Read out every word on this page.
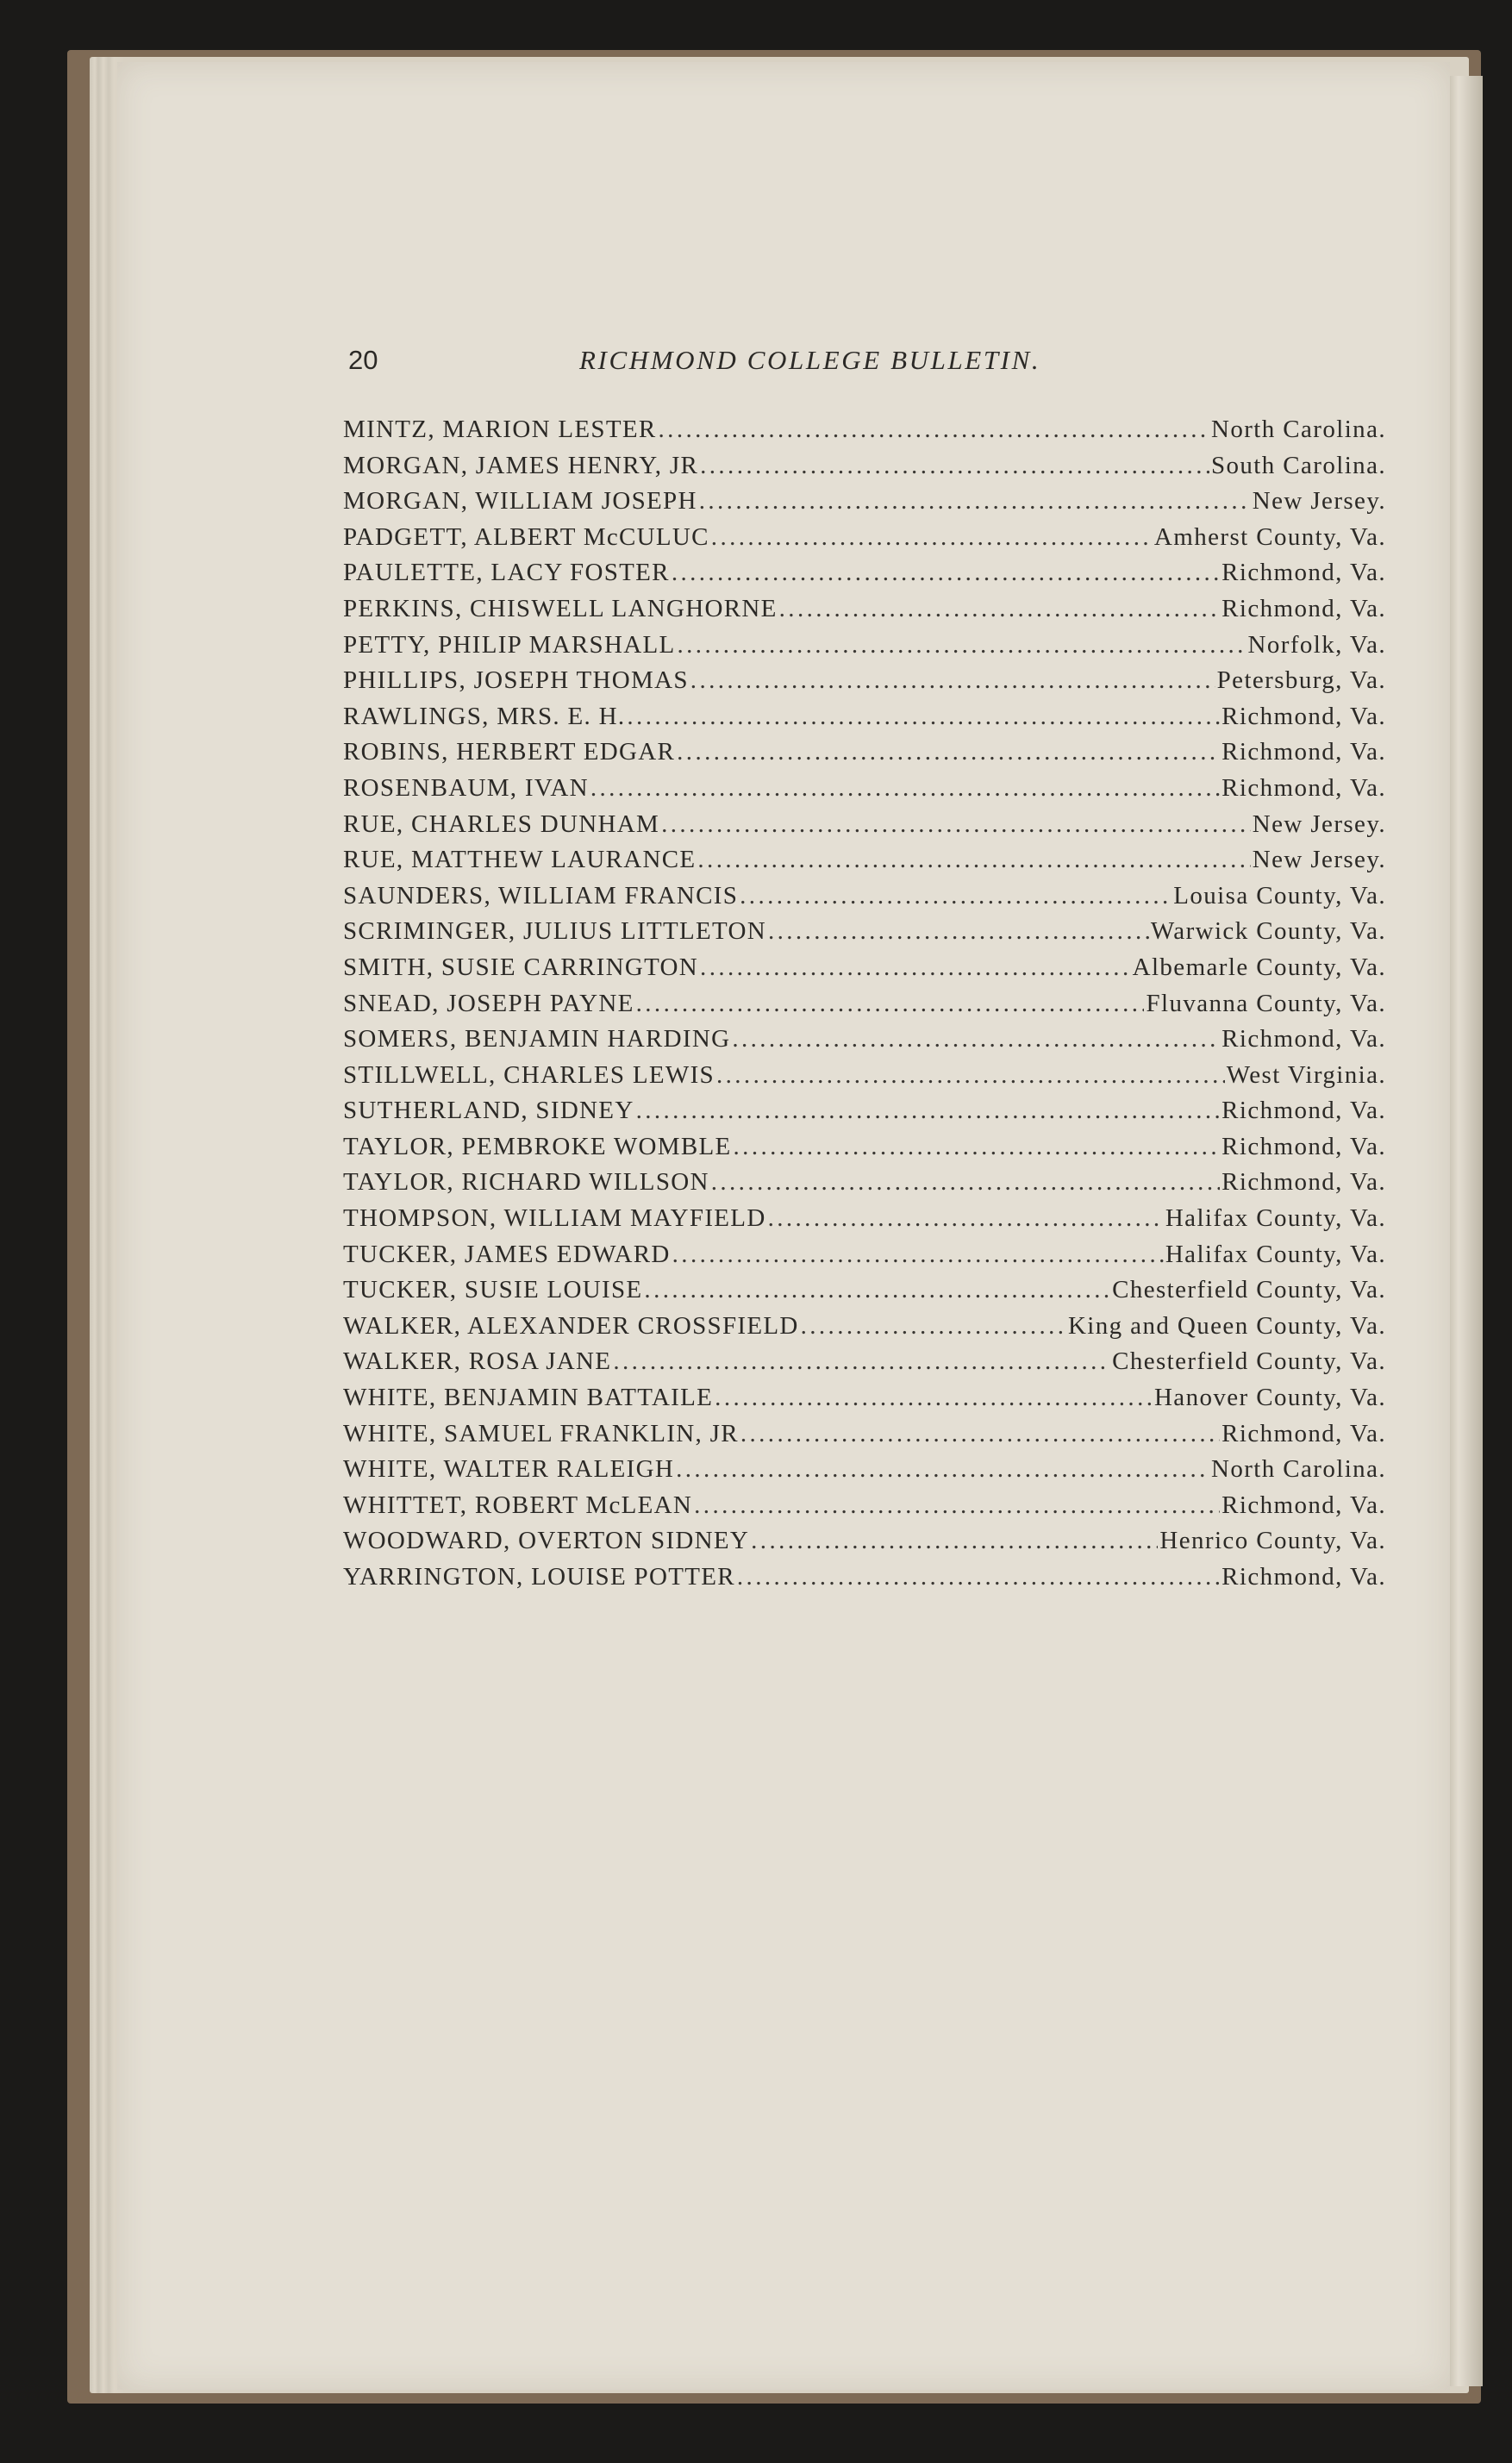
20	RICHMOND COLLEGE BULLETIN.
MINTZ, MARION LESTER .....	North Carolina.
MORGAN, JAMES HENRY, JR .....	South Carolina.
MORGAN, WILLIAM JOSEPH .....	New Jersey.
PADGETT, ALBERT McCULUC .....	Amherst County, Va.
PAULETTE, LACY FOSTER .....	Richmond, Va.
PERKINS, CHISWELL LANGHORNE .....	Richmond, Va.
PETTY, PHILIP MARSHALL .....	Norfolk, Va.
PHILLIPS, JOSEPH THOMAS .....	Petersburg, Va.
RAWLINGS, MRS. E. H. .....	Richmond, Va.
ROBINS, HERBERT EDGAR .....	Richmond, Va.
ROSENBAUM, IVAN .....	Richmond, Va.
RUE, CHARLES DUNHAM .....	New Jersey.
RUE, MATTHEW LAURANCE .....	New Jersey.
SAUNDERS, WILLIAM FRANCIS .....	Louisa County, Va.
SCRIMINGER, JULIUS LITTLETON .....	Warwick County, Va.
SMITH, SUSIE CARRINGTON .....	Albemarle County, Va.
SNEAD, JOSEPH PAYNE .....	Fluvanna County, Va.
SOMERS, BENJAMIN HARDING .....	Richmond, Va.
STILLWELL, CHARLES LEWIS .....	West Virginia.
SUTHERLAND, SIDNEY .....	Richmond, Va.
TAYLOR, PEMBROKE WOMBLE .....	Richmond, Va.
TAYLOR, RICHARD WILLSON .....	Richmond, Va.
THOMPSON, WILLIAM MAYFIELD .....	Halifax County, Va.
TUCKER, JAMES EDWARD .....	Halifax County, Va.
TUCKER, SUSIE LOUISE .....	Chesterfield County, Va.
WALKER, ALEXANDER CROSSFIELD .....	King and Queen County, Va.
WALKER, ROSA JANE .....	Chesterfield County, Va.
WHITE, BENJAMIN BATTAILE .....	Hanover County, Va.
WHITE, SAMUEL FRANKLIN, JR .....	Richmond, Va.
WHITE, WALTER RALEIGH .....	North Carolina.
WHITTET, ROBERT McLEAN .....	Richmond, Va.
WOODWARD, OVERTON SIDNEY .....	Henrico County, Va.
YARRINGTON, LOUISE POTTER .....	Richmond, Va.
